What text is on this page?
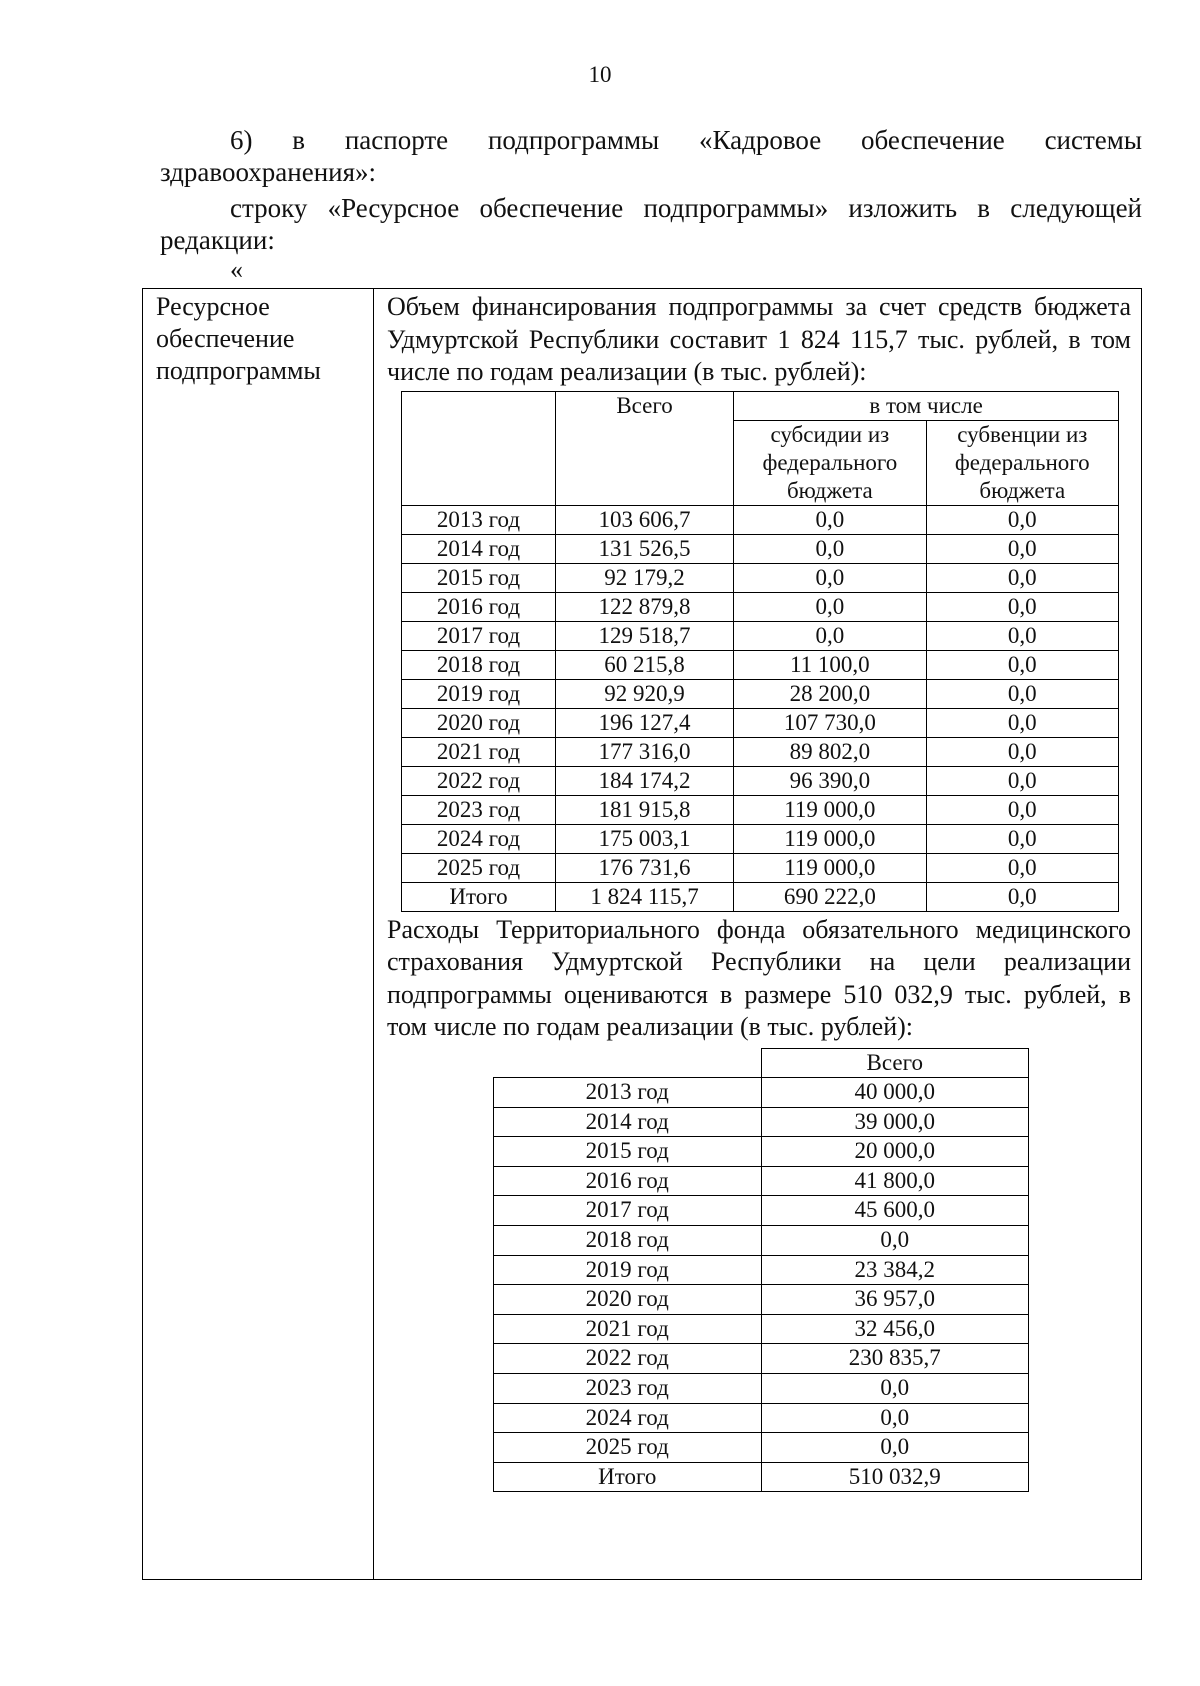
10
6) в паспорте подпрограммы «Кадровое обеспечение системы
здравоохранения»:
строку «Ресурсное обеспечение подпрограммы» изложить в следующей
редакции:
«
Ресурсное
обеспечение
подпрограммы

Объем финансирования подпрограммы за счет средств бюджета Удмуртской Республики составит 1 824 115,7 тыс. рублей, в том числе по годам реализации (в тыс. рублей):

	Всего	в том числе	
		субсидии из федерального бюджета	субвенции из федерального бюджета
2013 год	103 606,7	0,0	0,0
2014 год	131 526,5	0,0	0,0
2015 год	92 179,2	0,0	0,0
2016 год	122 879,8	0,0	0,0
2017 год	129 518,7	0,0	0,0
2018 год	60 215,8	11 100,0	0,0
2019 год	92 920,9	28 200,0	0,0
2020 год	196 127,4	107 730,0	0,0
2021 год	177 316,0	89 802,0	0,0
2022 год	184 174,2	96 390,0	0,0
2023 год	181 915,8	119 000,0	0,0
2024 год	175 003,1	119 000,0	0,0
2025 год	176 731,6	119 000,0	0,0
Итого	1 824 115,7	690 222,0	0,0

Расходы Территориального фонда обязательного медицинского страхования Удмуртской Республики на цели реализации подпрограммы оцениваются в размере 510 032,9 тыс. рублей, в том числе по годам реализации (в тыс. рублей):

	Всего
2013 год	40 000,0
2014 год	39 000,0
2015 год	20 000,0
2016 год	41 800,0
2017 год	45 600,0
2018 год	0,0
2019 год	23 384,2
2020 год	36 957,0
2021 год	32 456,0
2022 год	230 835,7
2023 год	0,0
2024 год	0,0
2025 год	0,0
Итого	510 032,9
